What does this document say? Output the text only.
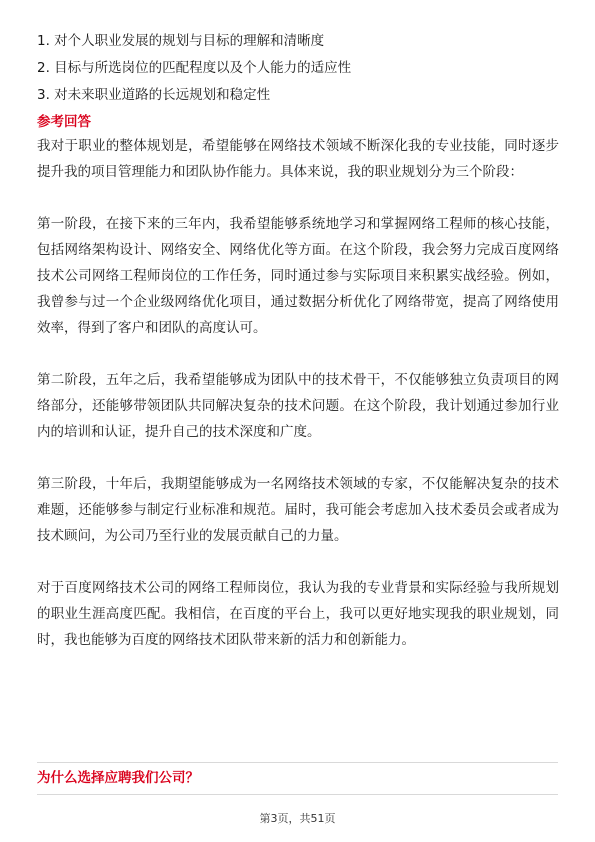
1. 对个人职业发展的规划与目标的理解和清晰度
2. 目标与所选岗位的匹配程度以及个人能力的适应性
3. 对未来职业道路的长远规划和稳定性
参考回答

我对于职业的整体规划是，希望能够在网络技术领域不断深化我的专业技能，同时逐步提升我的项目管理能力和团队协作能力。具体来说，我的职业规划分为三个阶段：

第一阶段，在接下来的三年内，我希望能够系统地学习和掌握网络工程师的核心技能，包括网络架构设计、网络安全、网络优化等方面。在这个阶段，我会努力完成百度网络技术公司网络工程师岗位的工作任务，同时通过参与实际项目来积累实战经验。例如，我曾参与过一个企业级网络优化项目，通过数据分析优化了网络带宽，提高了网络使用效率，得到了客户和团队的高度认可。

第二阶段，五年之后，我希望能够成为团队中的技术骨干，不仅能够独立负责项目的网络部分，还能够带领团队共同解决复杂的技术问题。在这个阶段，我计划通过参加行业内的培训和认证，提升自己的技术深度和广度。

第三阶段，十年后，我期望能够成为一名网络技术领域的专家，不仅能解决复杂的技术难题，还能够参与制定行业标准和规范。届时，我可能会考虑加入技术委员会或者成为技术顾问，为公司乃至行业的发展贡献自己的力量。

对于百度网络技术公司的网络工程师岗位，我认为我的专业背景和实际经验与我所规划的职业生涯高度匹配。我相信，在百度的平台上，我可以更好地实现我的职业规划，同时，我也能够为百度的网络技术团队带来新的活力和创新能力。

为什么选择应聘我们公司？
第3页，共51页
